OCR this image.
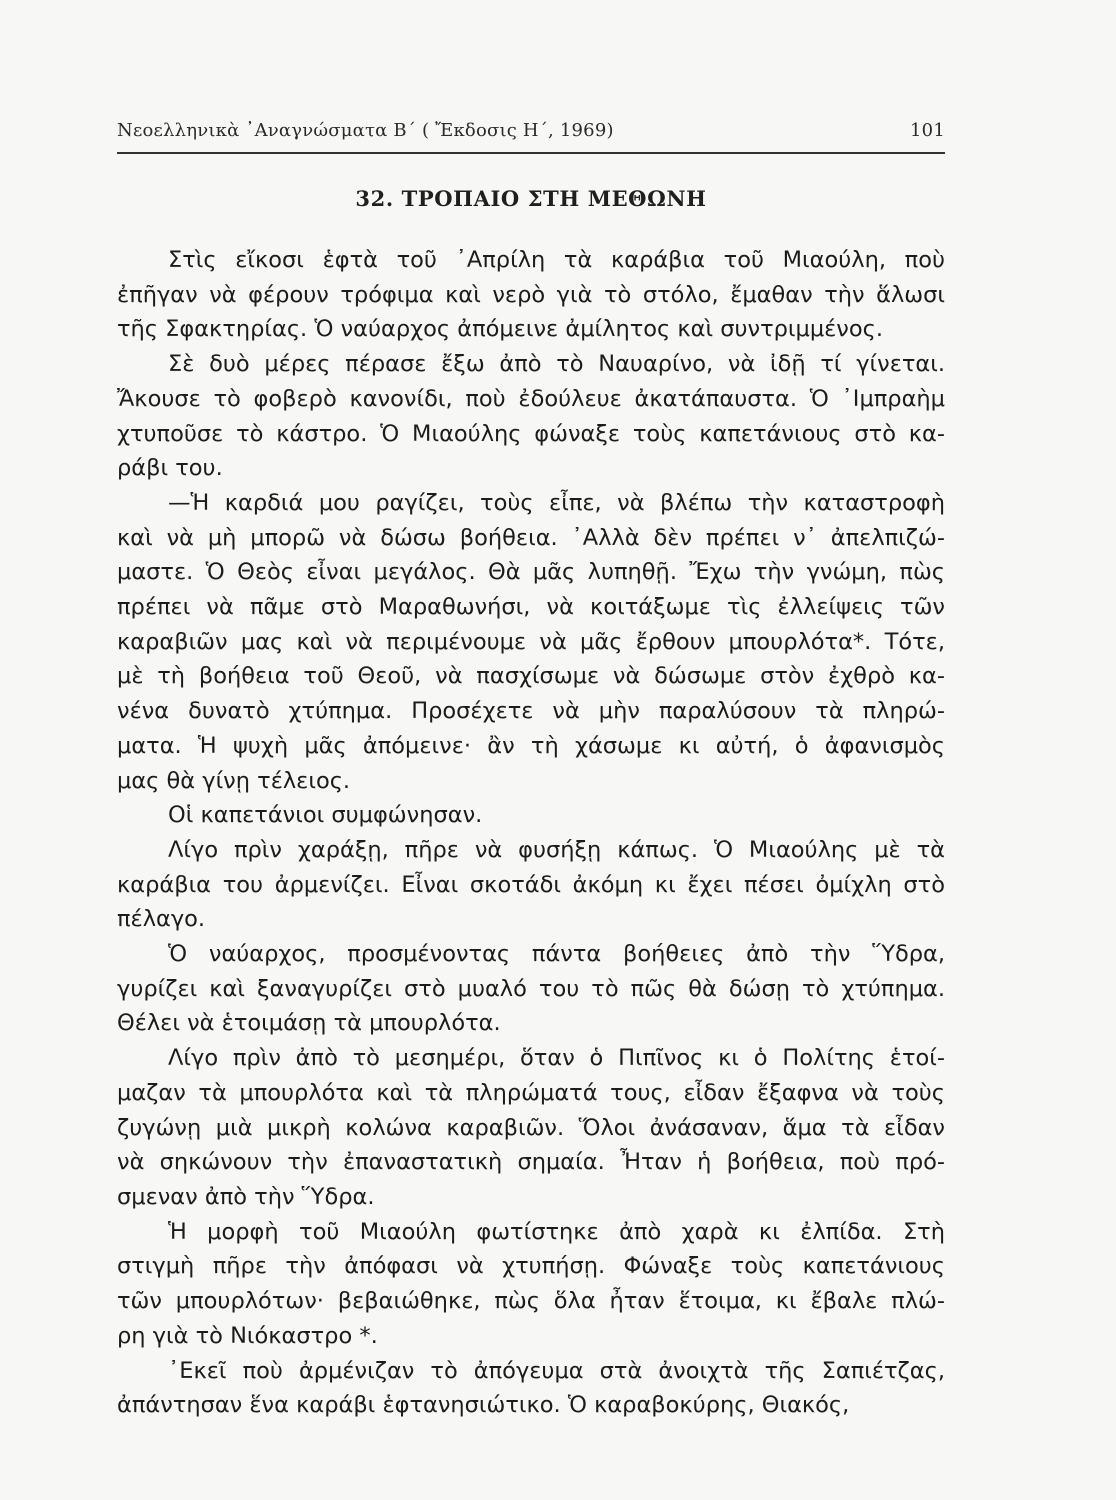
Νεοελληνικὰ ᾿Αναγνώσματα Β΄ ( Ἔκδοσις Η΄, 1969)	101
32. ΤΡΟΠΑΙΟ ΣΤΗ ΜΕΘΩΝΗ
Στὶς εἴκοσι ἑφτὰ τοῦ ᾿Απρίλη τὰ καράβια τοῦ Μιαούλη, ποὺ
ἐπῆγαν νὰ φέρουν τρόφιμα καὶ νερὸ γιὰ τὸ στόλο, ἔμαθαν τὴν ἅλωσι
τῆς Σφακτηρίας. Ὁ ναύαρχος ἀπόμεινε ἀμίλητος καὶ συντριμμένος.
Σὲ δυὸ μέρες πέρασε ἔξω ἀπὸ τὸ Ναυαρίνο, νὰ ἰδῇ τί γίνεται.
Ἄκουσε τὸ φοβερὸ κανονίδι, ποὺ ἐδούλευε ἀκατάπαυστα. Ὁ ᾿Ιμπραὴμ
χτυποῦσε τὸ κάστρο. Ὁ Μιαούλης φώναξε τοὺς καπετάνιους στὸ κα-
ράβι του.
—Ἡ καρδιά μου ραγίζει, τοὺς εἶπε, νὰ βλέπω τὴν καταστροφὴ
καὶ νὰ μὴ μπορῶ νὰ δώσω βοήθεια. ᾿Αλλὰ δὲν πρέπει ν᾿ ἀπελπιζώ-
μαστε. Ὁ Θεὸς εἶναι μεγάλος. Θὰ μᾶς λυπηθῇ. Ἔχω τὴν γνώμη, πὼς
πρέπει νὰ πᾶμε στὸ Μαραθωνήσι, νὰ κοιτάξωμε τὶς ἐλλείψεις τῶν
καραβιῶν μας καὶ νὰ περιμένουμε νὰ μᾶς ἔρθουν μπουρλότα*. Τότε,
μὲ τὴ βοήθεια τοῦ Θεοῦ, νὰ πασχίσωμε νὰ δώσωμε στὸν ἐχθρὸ κα-
νένα δυνατὸ χτύπημα. Προσέχετε νὰ μὴν παραλύσουν τὰ πληρώ-
ματα. Ἡ ψυχὴ μᾶς ἀπόμεινε· ἂν τὴ χάσωμε κι αὐτή, ὁ ἀφανισμὸς
μας θὰ γίνῃ τέλειος.
Οἱ καπετάνιοι συμφώνησαν.
Λίγο πρὶν χαράξῃ, πῆρε νὰ φυσήξῃ κάπως. Ὁ Μιαούλης μὲ τὰ
καράβια του ἀρμενίζει. Εἶναι σκοτάδι ἀκόμη κι ἔχει πέσει ὀμίχλη στὸ
πέλαγο.
Ὁ ναύαρχος, προσμένοντας πάντα βοήθειες ἀπὸ τὴν Ὕδρα,
γυρίζει καὶ ξαναγυρίζει στὸ μυαλό του τὸ πῶς θὰ δώσῃ τὸ χτύπημα.
Θέλει νὰ ἑτοιμάσῃ τὰ μπουρλότα.
Λίγο πρὶν ἀπὸ τὸ μεσημέρι, ὅταν ὁ Πιπῖνος κι ὁ Πολίτης ἑτοί-
μαζαν τὰ μπουρλότα καὶ τὰ πληρώματά τους, εἶδαν ἔξαφνα νὰ τοὺς
ζυγώνῃ μιὰ μικρὴ κολώνα καραβιῶν. Ὅλοι ἀνάσαναν, ἅμα τὰ εἶδαν
νὰ σηκώνουν τὴν ἐπαναστατικὴ σημαία. Ἦταν ἡ βοήθεια, ποὺ πρό-
σμεναν ἀπὸ τὴν Ὕδρα.
Ἡ μορφὴ τοῦ Μιαούλη φωτίστηκε ἀπὸ χαρὰ κι ἐλπίδα. Στὴ
στιγμὴ πῆρε τὴν ἀπόφασι νὰ χτυπήσῃ. Φώναξε τοὺς καπετάνιους
τῶν μπουρλότων· βεβαιώθηκε, πὼς ὅλα ἦταν ἕτοιμα, κι ἔβαλε πλώ-
ρη γιὰ τὸ Νιόκαστρο *.
᾿Εκεῖ ποὺ ἀρμένιζαν τὸ ἀπόγευμα στὰ ἀνοιχτὰ τῆς Σαπιέτζας,
ἀπάντησαν ἕνα καράβι ἑφτανησιώτικο. Ὁ καραβοκύρης, Θιακός,
